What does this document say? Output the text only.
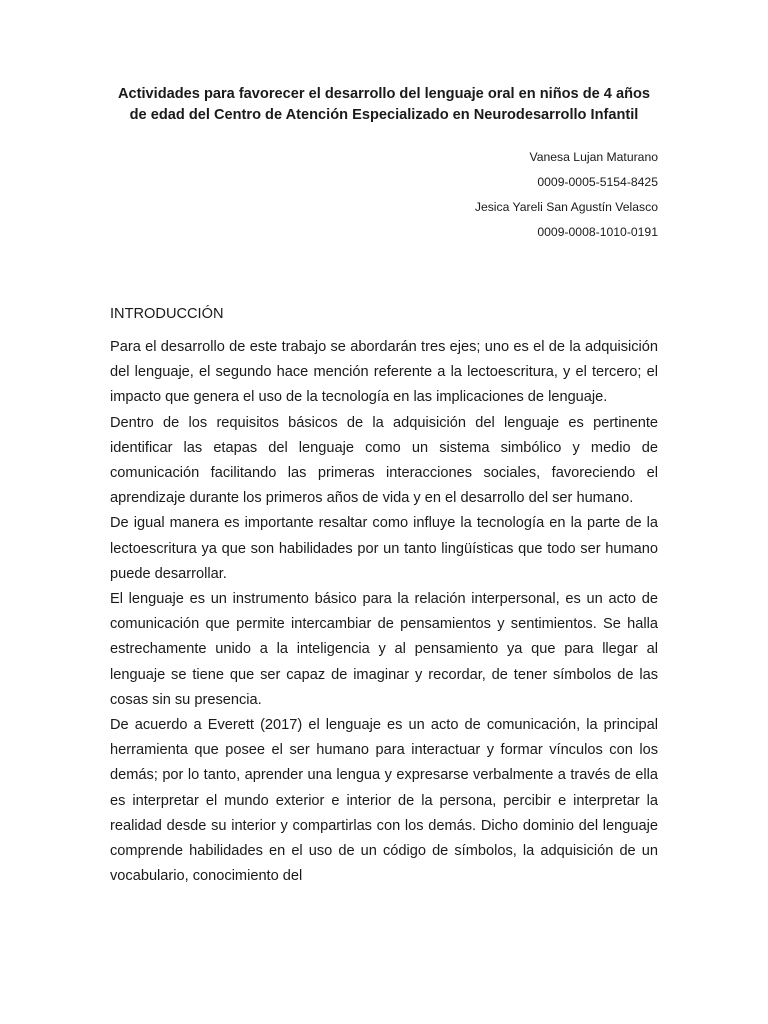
Actividades para favorecer el desarrollo del lenguaje oral en niños de 4 años de edad del Centro de Atención Especializado en Neurodesarrollo Infantil
Vanesa Lujan Maturano
0009-0005-5154-8425
Jesica Yareli San Agustín Velasco
0009-0008-1010-0191
INTRODUCCIÓN

Para el desarrollo de este trabajo se abordarán tres ejes; uno es el de la adquisición del lenguaje, el segundo hace mención referente a la lectoescritura, y el tercero; el impacto que genera el uso de la tecnología en las implicaciones de lenguaje.

Dentro de los requisitos básicos de la adquisición del lenguaje es pertinente identificar las etapas del lenguaje como un sistema simbólico y medio de comunicación facilitando las primeras interacciones sociales, favoreciendo el aprendizaje durante los primeros años de vida y en el desarrollo del ser humano.

De igual manera es importante resaltar como influye la tecnología en la parte de la lectoescritura ya que son habilidades por un tanto lingüísticas que todo ser humano puede desarrollar.

El lenguaje es un instrumento básico para la relación interpersonal, es un acto de comunicación que permite intercambiar de pensamientos y sentimientos. Se halla estrechamente unido a la inteligencia y al pensamiento ya que para llegar al lenguaje se tiene que ser capaz de imaginar y recordar, de tener símbolos de las cosas sin su presencia.

De acuerdo a Everett (2017) el lenguaje es un acto de comunicación, la principal herramienta que posee el ser humano para interactuar y formar vínculos con los demás; por lo tanto, aprender una lengua y expresarse verbalmente a través de ella es interpretar el mundo exterior e interior de la persona, percibir e interpretar la realidad desde su interior y compartirlas con los demás. Dicho dominio del lenguaje comprende habilidades en el uso de un código de símbolos, la adquisición de un vocabulario, conocimiento del
